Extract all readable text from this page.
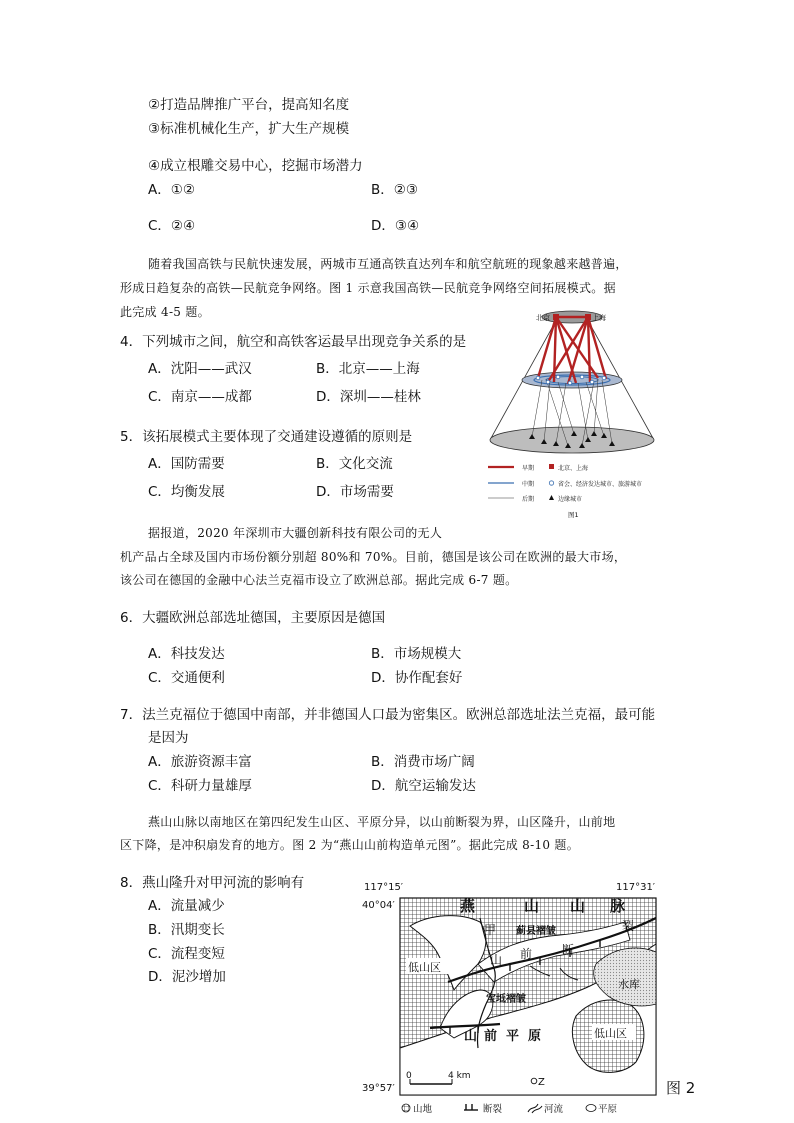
②打造品牌推广平台，提高知名度
③标准机械化生产，扩大生产规模
④成立根雕交易中心，挖掘市场潜力
A．①②	B．②③
C．②④	D．③④
随着我国高铁与民航快速发展，两城市互通高铁直达列车和航空航班的现象越来越普遍，
形成日趋复杂的高铁—民航竞争网络。图 1 示意我国高铁—民航竞争网络空间拓展模式。据
此完成 4-5 题。
4．下列城市之间，航空和高铁客运最早出现竞争关系的是
A．沈阳——武汉	B．北京——上海
C．南京——成都	D．深圳——桂林
5．该拓展模式主要体现了交通建设遵循的原则是
A．国防需要	B．文化交流
C．均衡发展	D．市场需要
北京	上海
早期	北京、上海
中期	省会、经济发达城市、旅游城市
后期	边缘城市
图1
据报道，2020 年深圳市大疆创新科技有限公司的无人
机产品占全球及国内市场份额分别超 80%和 70%。目前，德国是该公司在欧洲的最大市场，
该公司在德国的金融中心法兰克福市设立了欧洲总部。据此完成 6-7 题。
6．大疆欧洲总部选址德国，主要原因是德国
A．科技发达	B．市场规模大
C．交通便利	D．协作配套好
7．法兰克福位于德国中南部，并非德国人口最为密集区。欧洲总部选址法兰克福，最可能
是因为
A．旅游资源丰富	B．消费市场广阔
C．科研力量雄厚	D．航空运输发达
燕山山脉以南地区在第四纪发生山区、平原分异，以山前断裂为界，山区隆升，山前地
区下降，是冲积扇发育的地方。图 2 为“燕山山前构造单元图”。据此完成 8-10 题。
8．燕山隆升对甲河流的影响有
A．流量减少
B．汛期变长
C．流程变短
D．泥沙增加
117°15′	117°31′
40°04′
39°57′
燕	山 山 脉
甲 蓟县褶皱
断
裂
山 前
低山区
低山区
水库
宝坻褶皱
山 前 平 原
0	4 km
Z	图 2
山地	断裂	河流	平原
